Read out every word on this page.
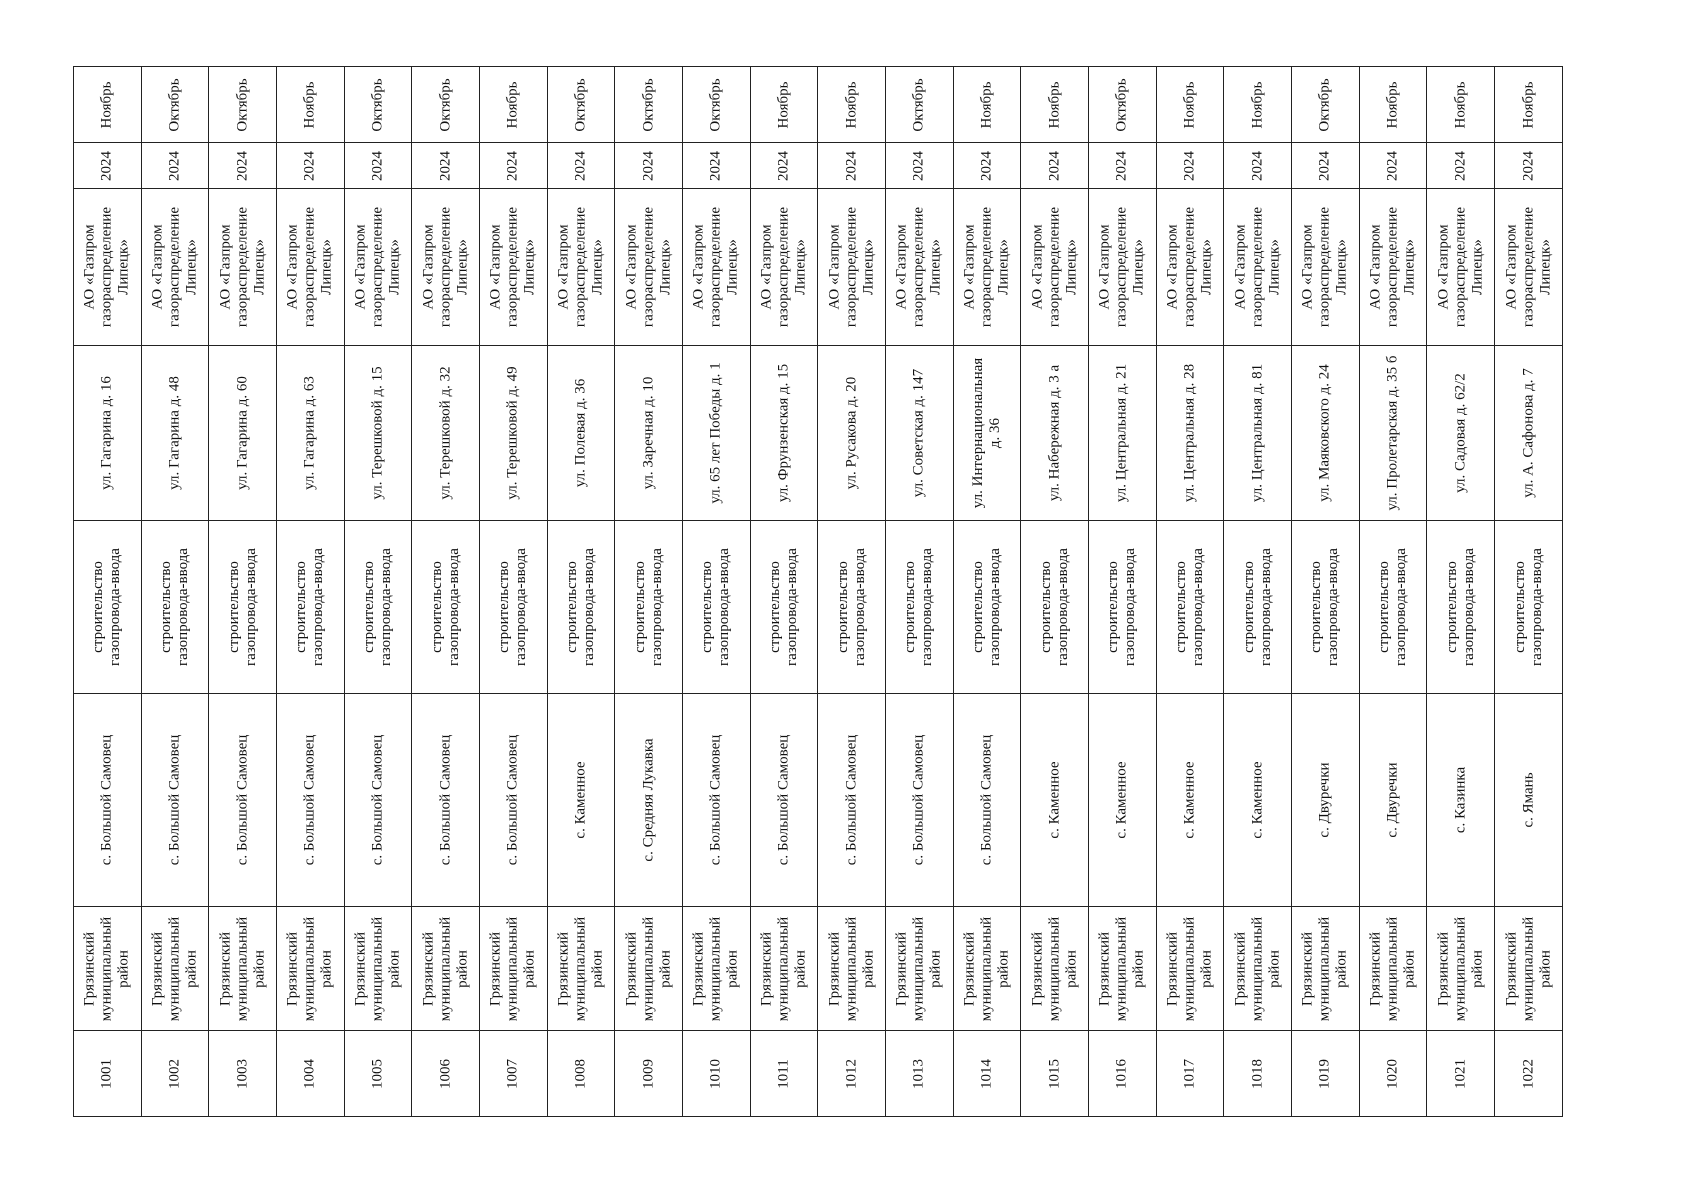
Ноябрь	Октябрь	Октябрь	Ноябрь	Октябрь	Октябрь	Ноябрь	Октябрь	Октябрь	Октябрь	Ноябрь	Ноябрь	Октябрь	Ноябрь	Ноябрь	Октябрь	Ноябрь	Ноябрь	Октябрь	Ноябрь	Ноябрь	Ноябрь

2024	2024	2024	2024	2024	2024	2024	2024	2024	2024	2024	2024	2024	2024	2024	2024	2024	2024	2024	2024	2024	2024

АО «Газпром газораспределение Липецк»	АО «Газпром газораспределение Липецк»	АО «Газпром газораспределение Липецк»	АО «Газпром газораспределение Липецк»	АО «Газпром газораспределение Липецк»	АО «Газпром газораспределение Липецк»	АО «Газпром газораспределение Липецк»	АО «Газпром газораспределение Липецк»	АО «Газпром газораспределение Липецк»	АО «Газпром газораспределение Липецк»	АО «Газпром газораспределение Липецк»	АО «Газпром газораспределение Липецк»	АО «Газпром газораспределение Липецк»	АО «Газпром газораспределение Липецк»	АО «Газпром газораспределение Липецк»	АО «Газпром газораспределение Липецк»	АО «Газпром газораспределение Липецк»	АО «Газпром газораспределение Липецк»	АО «Газпром газораспределение Липецк»	АО «Газпром газораспределение Липецк»	АО «Газпром газораспределение Липецк»	АО «Газпром газораспределение Липецк»

ул. Гагарина д. 16	ул. Гагарина д. 48	ул. Гагарина д. 60	ул. Гагарина д. 63	ул. Терешковой д. 15	ул. Терешковой д. 32	ул. Терешковой д. 49	ул. Полевая д. 36	ул. Заречная д. 10	ул. 65 лет Победы д. 1	ул. Фрунзенская д. 15	ул. Русакова д. 20	ул. Советская д. 147	ул. Интернациональная д. 36	ул. Набережная д. 3 а	ул. Центральная д. 21	ул. Центральная д. 28	ул. Центральная д. 81	ул. Маяковского д. 24	ул. Пролетарская д. 35 б	ул. Садовая д. 62/2	ул. А. Сафонова д. 7

строительство газопровода-ввода	строительство газопровода-ввода	строительство газопровода-ввода	строительство газопровода-ввода	строительство газопровода-ввода	строительство газопровода-ввода	строительство газопровода-ввода	строительство газопровода-ввода	строительство газопровода-ввода	строительство газопровода-ввода	строительство газопровода-ввода	строительство газопровода-ввода	строительство газопровода-ввода	строительство газопровода-ввода	строительство газопровода-ввода	строительство газопровода-ввода	строительство газопровода-ввода	строительство газопровода-ввода	строительство газопровода-ввода	строительство газопровода-ввода	строительство газопровода-ввода	строительство газопровода-ввода

с. Большой Самовец	с. Большой Самовец	с. Большой Самовец	с. Большой Самовец	с. Большой Самовец	с. Большой Самовец	с. Большой Самовец	с. Каменное	с. Средняя Лукавка	с. Большой Самовец	с. Большой Самовец	с. Большой Самовец	с. Большой Самовец	с. Большой Самовец	с. Каменное	с. Каменное	с. Каменное	с. Каменное	с. Двуречки	с. Двуречки	с. Казинка	с. Ямань

Грязинский муниципальный район	Грязинский муниципальный район	Грязинский муниципальный район	Грязинский муниципальный район	Грязинский муниципальный район	Грязинский муниципальный район	Грязинский муниципальный район	Грязинский муниципальный район	Грязинский муниципальный район	Грязинский муниципальный район	Грязинский муниципальный район	Грязинский муниципальный район	Грязинский муниципальный район	Грязинский муниципальный район	Грязинский муниципальный район	Грязинский муниципальный район	Грязинский муниципальный район	Грязинский муниципальный район	Грязинский муниципальный район	Грязинский муниципальный район	Грязинский муниципальный район	Грязинский муниципальный район

1001	1002	1003	1004	1005	1006	1007	1008	1009	1010	1011	1012	1013	1014	1015	1016	1017	1018	1019	1020	1021	1022
